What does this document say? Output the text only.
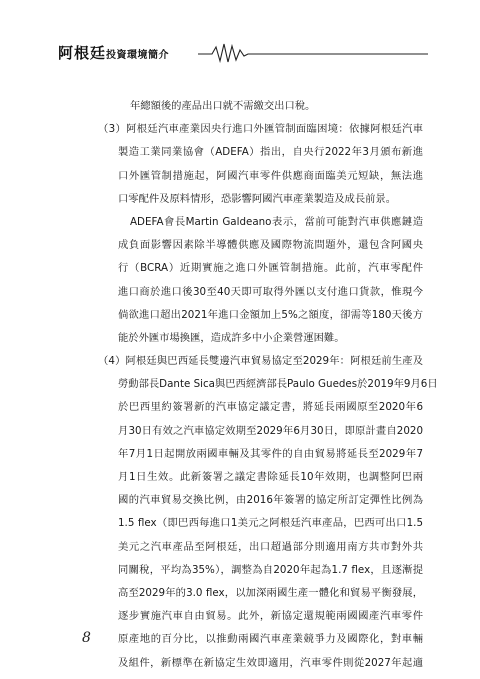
阿根廷投資環境簡介
年總額後的產品出口就不需繳交出口稅。
（3）阿根廷汽車產業因央行進口外匯管制面臨困境：依據阿根廷汽車
製造工業同業協會（ADEFA）指出，自央行2022年3月頒布新進
口外匯管制措施起，阿國汽車零件供應商面臨美元短缺，無法進
口零配件及原料情形，恐影響阿國汽車產業製造及成長前景。
ADEFA會長Martin Galdeano表示，當前可能對汽車供應鏈造
成負面影響因素除半導體供應及國際物流問題外，還包含阿國央
行（BCRA）近期實施之進口外匯管制措施。此前，汽車零配件
進口商於進口後30至40天即可取得外匯以支付進口貨款，惟現今
倘欲進口超出2021年進口金額加上5%之額度，卻需等180天後方
能於外匯市場換匯，造成許多中小企業營運困難。
（4）阿根廷與巴西延長雙邊汽車貿易協定至2029年：阿根廷前生產及
勞動部長Dante Sica與巴西經濟部長Paulo Guedes於2019年9月6日
於巴西里約簽署新的汽車協定議定書，將延長兩國原至2020年6
月30日有效之汽車協定效期至2029年6月30日，即原計畫自2020
年7月1日起開放兩國車輛及其零件的自由貿易將延長至2029年7
月1日生效。此新簽署之議定書除延長10年效期，也調整阿巴兩
國的汽車貿易交換比例，由2016年簽署的協定所訂定彈性比例為
1.5 flex（即巴西每進口1美元之阿根廷汽車產品，巴西可出口1.5
美元之汽車產品至阿根廷，出口超過部分則適用南方共市對外共
同關稅，平均為35%），調整為自2020年起為1.7 flex，且逐漸提
高至2029年的3.0 flex，以加深兩國生產一體化和貿易平衡發展，
逐步實施汽車自由貿易。此外，新協定還規範兩國國產汽車零件
原產地的百分比，以推動兩國汽車產業競爭力及國際化，對車輛
及組件，新標準在新協定生效即適用，汽車零件則從2027年起適
8
